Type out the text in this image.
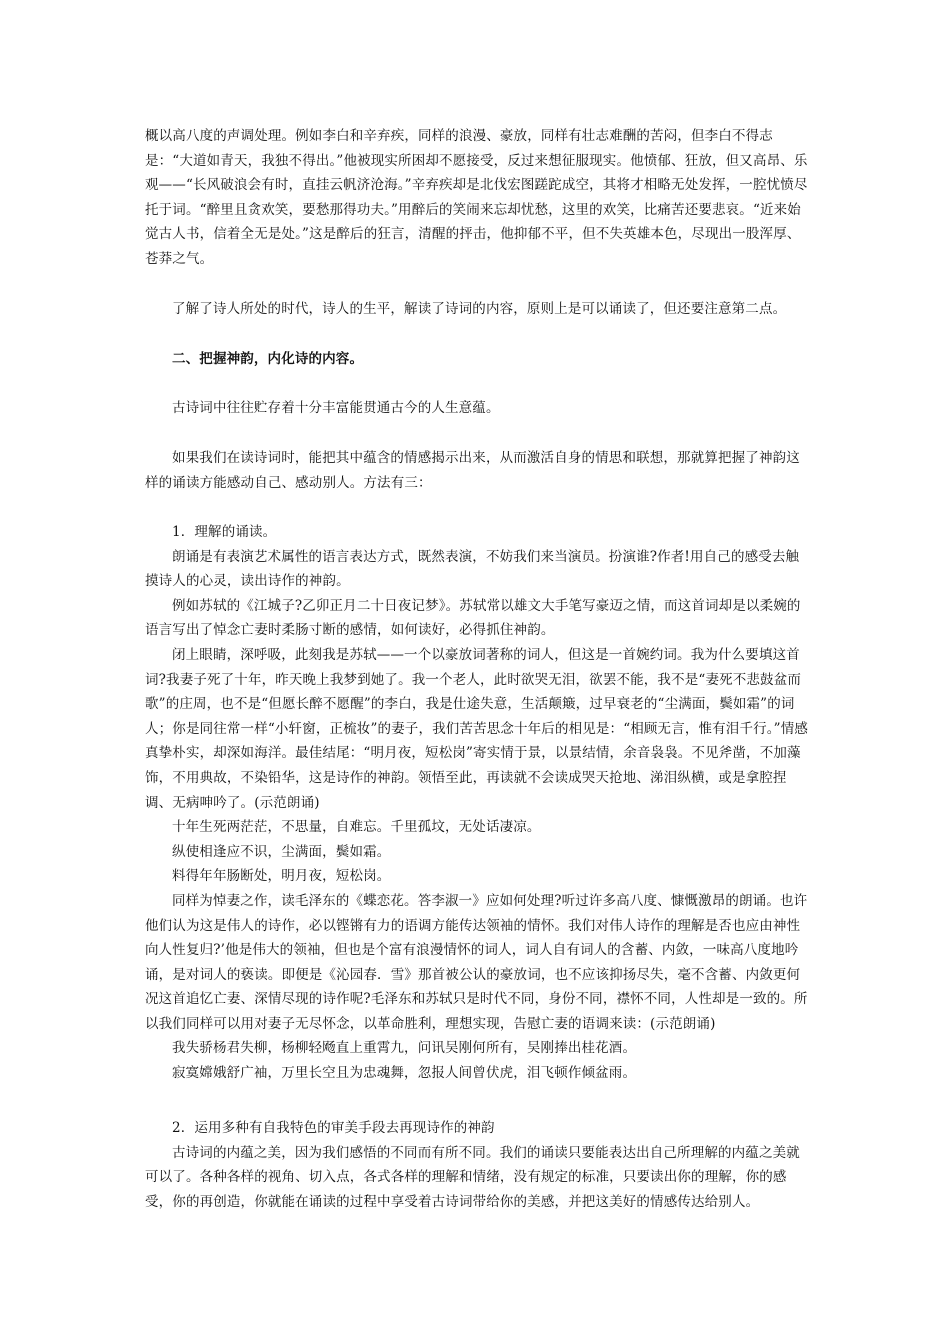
概以高八度的声调处理。例如李白和辛弃疾，同样的浪漫、豪放，同样有壮志难酬的苦闷，但李白不得志是：“大道如青天，我独不得出。”他被现实所困却不愿接受，反过来想征服现实。他愤郁、狂放，但又高昂、乐观——“长风破浪会有时，直挂云帆济沧海。”辛弃疾却是北伐宏图蹉跎成空，其将才相略无处发挥，一腔忧愤尽托于词。“醉里且贪欢笑，要愁那得功夫。”用醉后的笑闹来忘却忧愁，这里的欢笑，比痛苦还要悲哀。“近来始觉古人书，信着全无是处。”这是醉后的狂言，清醒的抨击，他抑郁不平，但不失英雄本色，尽现出一股浑厚、苍莽之气。

了解了诗人所处的时代，诗人的生平，解读了诗词的内容，原则上是可以诵读了，但还要注意第二点。

二、把握神韵，内化诗的内容。

古诗词中往往贮存着十分丰富能贯通古今的人生意蕴。

如果我们在读诗词时，能把其中蕴含的情感揭示出来，从而激活自身的情思和联想，那就算把握了神韵这样的诵读方能感动自己、感动别人。方法有三：

1．理解的诵读。

朗诵是有表演艺术属性的语言表达方式，既然表演，不妨我们来当演员。扮演谁?作者!用自己的感受去触摸诗人的心灵，读出诗作的神韵。

例如苏轼的《江城子?乙卯正月二十日夜记梦》。苏轼常以雄文大手笔写豪迈之情，而这首词却是以柔婉的语言写出了悼念亡妻时柔肠寸断的感情，如何读好，必得抓住神韵。

闭上眼睛，深呼吸，此刻我是苏轼——一个以豪放词著称的词人，但这是一首婉约词。我为什么要填这首词?我妻子死了十年，昨天晚上我梦到她了。我一个老人，此时欲哭无泪，欲罢不能，我不是“妻死不悲鼓盆而歌”的庄周，也不是“但愿长醉不愿醒”的李白，我是仕途失意，生活颠簸，过早衰老的“尘满面，鬓如霜”的词人；你是同往常一样“小轩窗，正梳妆”的妻子，我们苦苦思念十年后的相见是：“相顾无言，惟有泪千行。”情感真挚朴实，却深如海洋。最佳结尾：“明月夜，短松岗”寄实情于景，以景结情，余音袅袅。不见斧凿，不加藻饰，不用典故，不染铅华，这是诗作的神韵。领悟至此，再读就不会读成哭天抢地、涕泪纵横，或是拿腔捏调、无病呻吟了。(示范朗诵)

十年生死两茫茫，不思量，自难忘。千里孤坟，无处话凄凉。

纵使相逢应不识，尘满面，鬓如霜。

料得年年肠断处，明月夜，短松岗。

同样为悼妻之作，读毛泽东的《蝶恋花。答李淑一》应如何处理?听过许多高八度、慷慨激昂的朗诵。也许他们认为这是伟人的诗作，必以铿锵有力的语调方能传达领袖的情怀。我们对伟人诗作的理解是否也应由神性向人性复归?’他是伟大的领袖，但也是个富有浪漫情怀的词人，词人自有词人的含蓄、内敛，一味高八度地吟诵，是对词人的亵读。即便是《沁园春．雪》那首被公认的豪放词，也不应该抑扬尽失，毫不含蓄、内敛更何况这首追忆亡妻、深情尽现的诗作呢?毛泽东和苏轼只是时代不同，身份不同，襟怀不同，人性却是一致的。所以我们同样可以用对妻子无尽怀念，以革命胜利，理想实现，告慰亡妻的语调来读：(示范朗诵)

我失骄杨君失柳，杨柳轻飏直上重霄九，问讯吴刚何所有，吴刚捧出桂花酒。

寂寞嫦娥舒广袖，万里长空且为忠魂舞，忽报人间曾伏虎，泪飞顿作倾盆雨。

2．运用多种有自我特色的审美手段去再现诗作的神韵

古诗词的内蕴之美，因为我们感悟的不同而有所不同。我们的诵读只要能表达出自己所理解的内蕴之美就可以了。各种各样的视角、切入点，各式各样的理解和情绪，没有规定的标准，只要读出你的理解，你的感受，你的再创造，你就能在诵读的过程中享受着古诗词带给你的美感，并把这美好的情感传达给别人。
